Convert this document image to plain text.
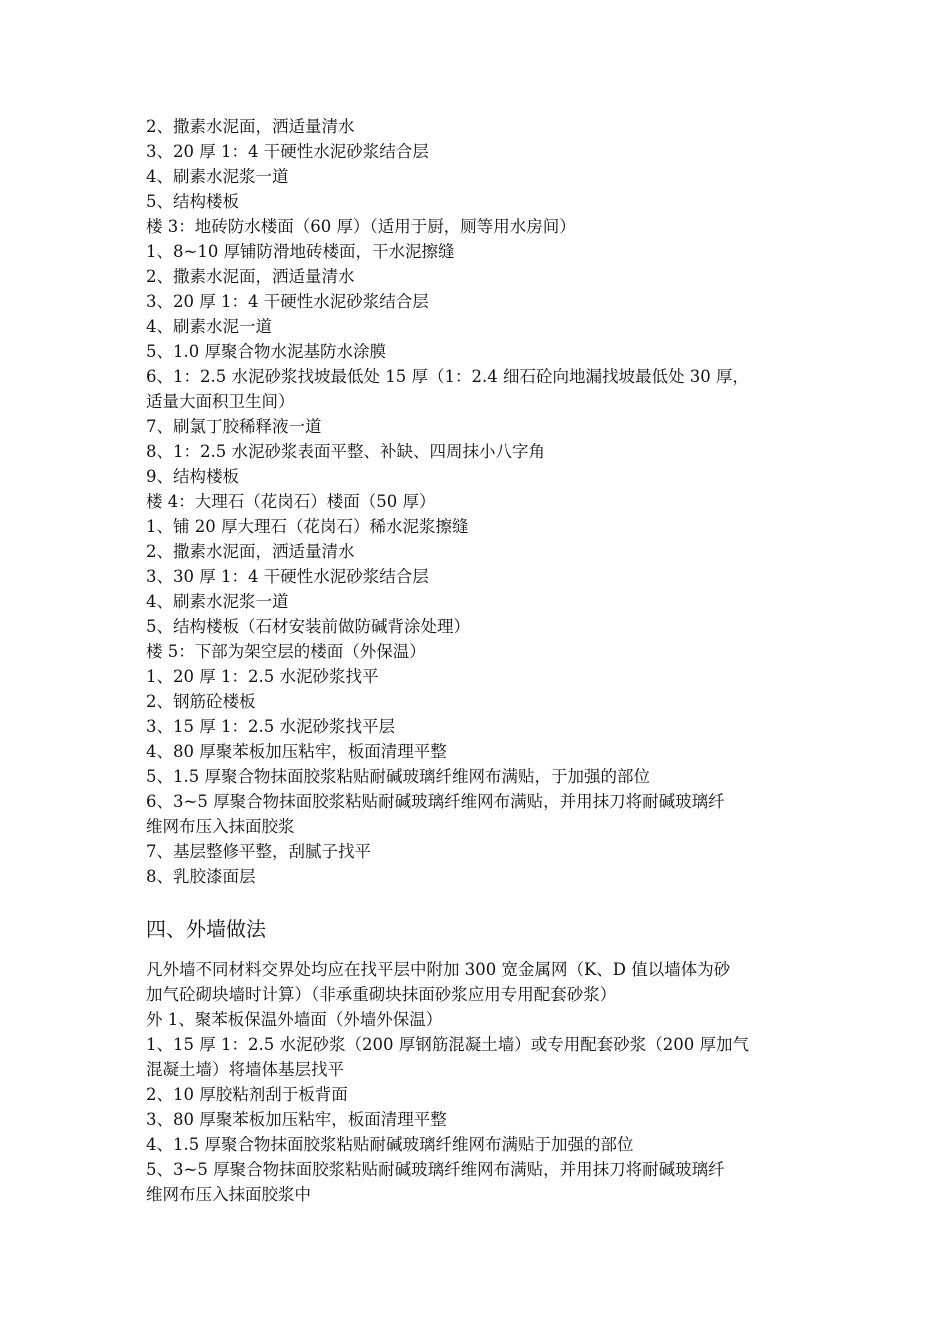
2、撒素水泥面，洒适量清水
3、20 厚 1：4 干硬性水泥砂浆结合层
4、刷素水泥浆一道
5、结构楼板
楼 3：地砖防水楼面（60 厚）（适用于厨，厕等用水房间）
1、8~10 厚铺防滑地砖楼面，干水泥擦缝
2、撒素水泥面，洒适量清水
3、20 厚 1：4 干硬性水泥砂浆结合层
4、刷素水泥一道
5、1.0 厚聚合物水泥基防水涂膜
6、1：2.5 水泥砂浆找坡最低处 15 厚（1：2.4 细石砼向地漏找坡最低处 30 厚，
适量大面积卫生间）
7、刷氯丁胶稀释液一道
8、1：2.5 水泥砂浆表面平整、补缺、四周抹小八字角
9、结构楼板
楼 4：大理石（花岗石）楼面（50 厚）
1、铺 20 厚大理石（花岗石）稀水泥浆擦缝
2、撒素水泥面，洒适量清水
3、30 厚 1：4 干硬性水泥砂浆结合层
4、刷素水泥浆一道
5、结构楼板（石材安装前做防碱背涂处理）
楼 5：下部为架空层的楼面（外保温）
1、20 厚 1：2.5 水泥砂浆找平
2、钢筋砼楼板
3、15 厚 1：2.5 水泥砂浆找平层
4、80 厚聚苯板加压粘牢，板面清理平整
5、1.5 厚聚合物抹面胶浆粘贴耐碱玻璃纤维网布满贴，于加强的部位
6、3~5 厚聚合物抹面胶浆粘贴耐碱玻璃纤维网布满贴，并用抹刀将耐碱玻璃纤
维网布压入抹面胶浆
7、基层整修平整，刮腻子找平
8、乳胶漆面层
四、外墙做法
凡外墙不同材料交界处均应在找平层中附加 300 宽金属网（K、D 值以墙体为砂
加气砼砌块墙时计算）（非承重砌块抹面砂浆应用专用配套砂浆）
外 1、聚苯板保温外墙面（外墙外保温）
1、15 厚 1：2.5 水泥砂浆（200 厚钢筋混凝土墙）或专用配套砂浆（200 厚加气
混凝土墙）将墙体基层找平
2、10 厚胶粘剂刮于板背面
3、80 厚聚苯板加压粘牢，板面清理平整
4、1.5 厚聚合物抹面胶浆粘贴耐碱玻璃纤维网布满贴于加强的部位
5、3~5 厚聚合物抹面胶浆粘贴耐碱玻璃纤维网布满贴，并用抹刀将耐碱玻璃纤
维网布压入抹面胶浆中
